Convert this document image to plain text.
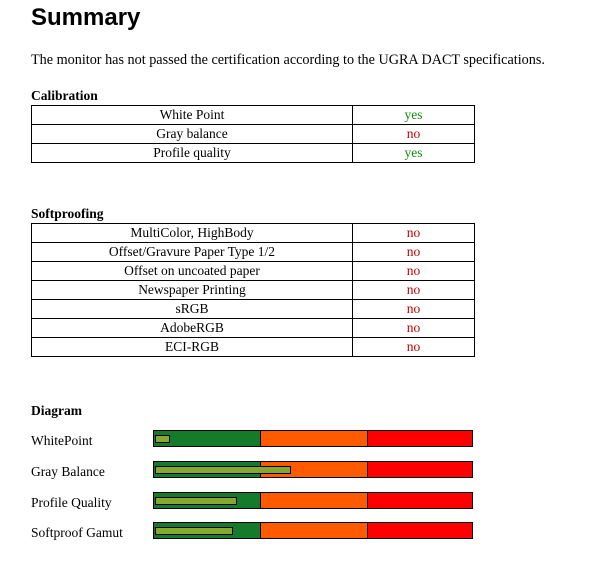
Summary
The monitor has not passed the certification according to the UGRA DACT specifications.
Calibration
White Point	yes
Gray balance	no
Profile quality	yes
Softproofing
MultiColor, HighBody	no
Offset/Gravure Paper Type 1/2	no
Offset on uncoated paper	no
Newspaper Printing	no
sRGB	no
AdobeRGB	no
ECI-RGB	no
Diagram
WhitePoint
Gray Balance
Profile Quality
Softproof Gamut
